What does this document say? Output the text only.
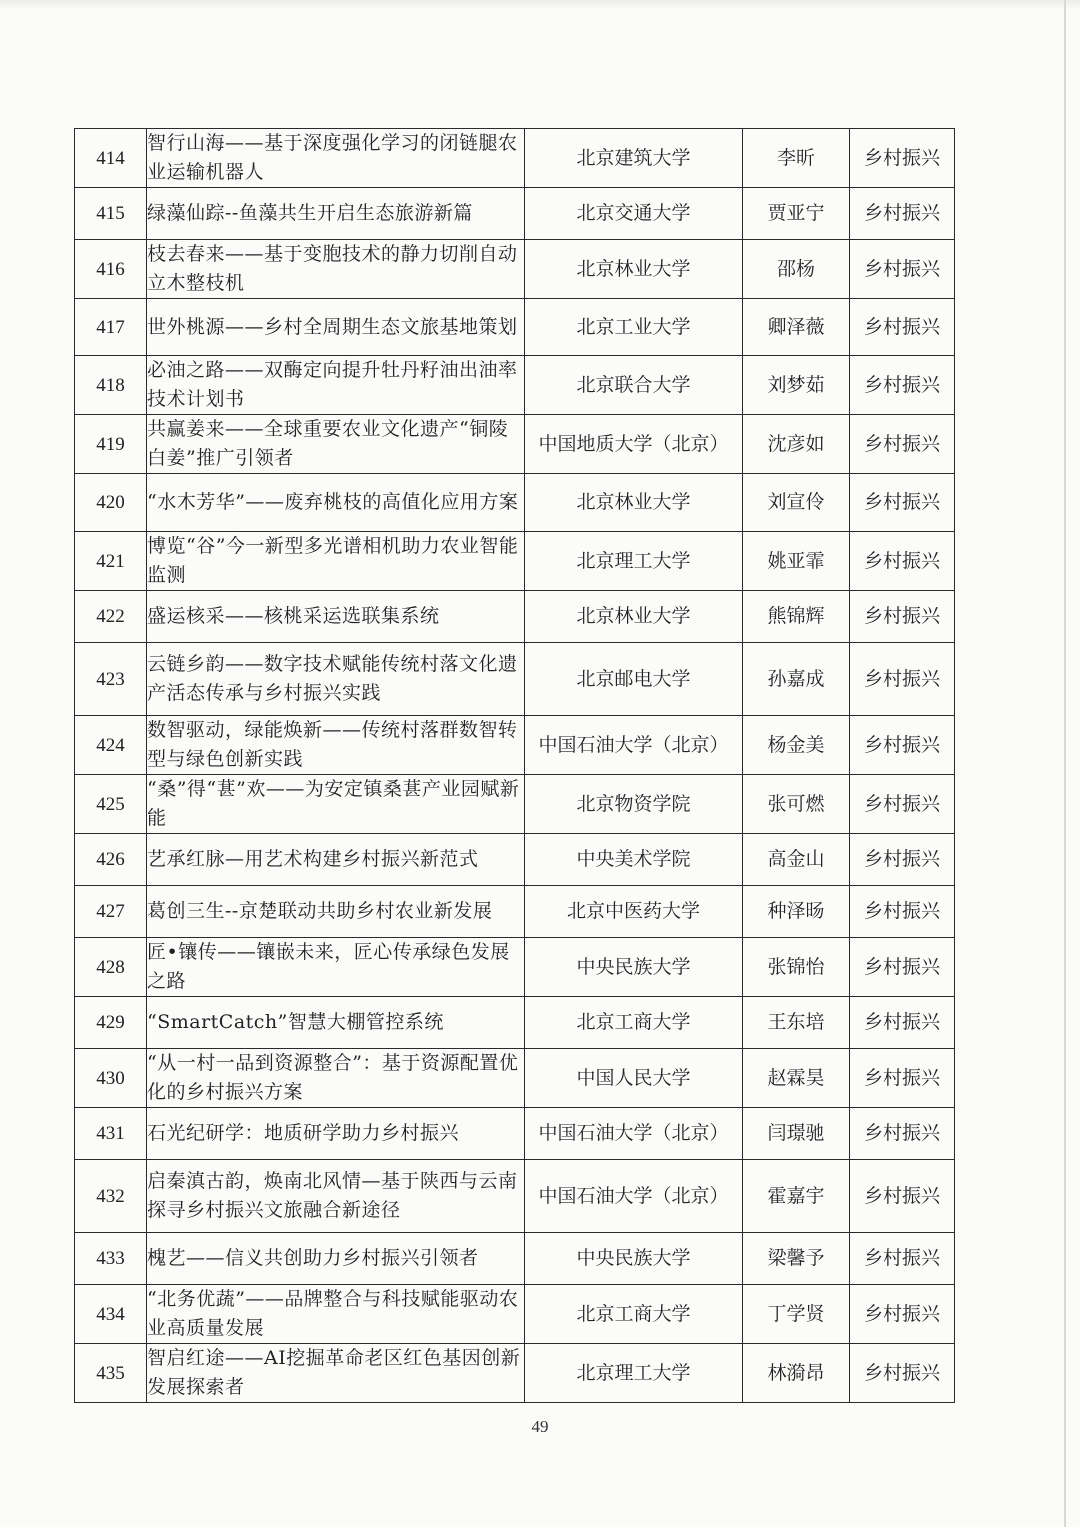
414	智行山海——基于深度强化学习的闭链腿农业运输机器人	北京建筑大学	李昕	乡村振兴
415	绿藻仙踪--鱼藻共生开启生态旅游新篇	北京交通大学	贾亚宁	乡村振兴
416	枝去春来——基于变胞技术的静力切削自动立木整枝机	北京林业大学	邵杨	乡村振兴
417	世外桃源——乡村全周期生态文旅基地策划	北京工业大学	卿泽薇	乡村振兴
418	必油之路——双酶定向提升牡丹籽油出油率技术计划书	北京联合大学	刘梦茹	乡村振兴
419	共赢姜来——全球重要农业文化遗产“铜陵白姜”推广引领者	中国地质大学（北京）	沈彦如	乡村振兴
420	“水木芳华”——废弃桃枝的高值化应用方案	北京林业大学	刘宣伶	乡村振兴
421	博览“谷”今一新型多光谱相机助力农业智能监测	北京理工大学	姚亚霏	乡村振兴
422	盛运核采——核桃采运选联集系统	北京林业大学	熊锦辉	乡村振兴
423	云链乡韵——数字技术赋能传统村落文化遗产活态传承与乡村振兴实践	北京邮电大学	孙嘉成	乡村振兴
424	数智驱动，绿能焕新——传统村落群数智转型与绿色创新实践	中国石油大学（北京）	杨金美	乡村振兴
425	“桑”得“葚”欢——为安定镇桑葚产业园赋新能	北京物资学院	张可燃	乡村振兴
426	艺承红脉—用艺术构建乡村振兴新范式	中央美术学院	高金山	乡村振兴
427	葛创三生--京楚联动共助乡村农业新发展	北京中医药大学	种泽旸	乡村振兴
428	匠•镶传——镶嵌未来，匠心传承绿色发展之路	中央民族大学	张锦怡	乡村振兴
429	“SmartCatch”智慧大棚管控系统	北京工商大学	王东培	乡村振兴
430	“从一村一品到资源整合”：基于资源配置优化的乡村振兴方案	中国人民大学	赵霖昊	乡村振兴
431	石光纪研学：地质研学助力乡村振兴	中国石油大学（北京）	闫璟驰	乡村振兴
432	启秦滇古韵，焕南北风情—基于陕西与云南探寻乡村振兴文旅融合新途径	中国石油大学（北京）	霍嘉宇	乡村振兴
433	槐艺——信义共创助力乡村振兴引领者	中央民族大学	梁馨予	乡村振兴
434	“北务优蔬”——品牌整合与科技赋能驱动农业高质量发展	北京工商大学	丁学贤	乡村振兴
435	智启红途——AI挖掘革命老区红色基因创新发展探索者	北京理工大学	林漪昂	乡村振兴
49
